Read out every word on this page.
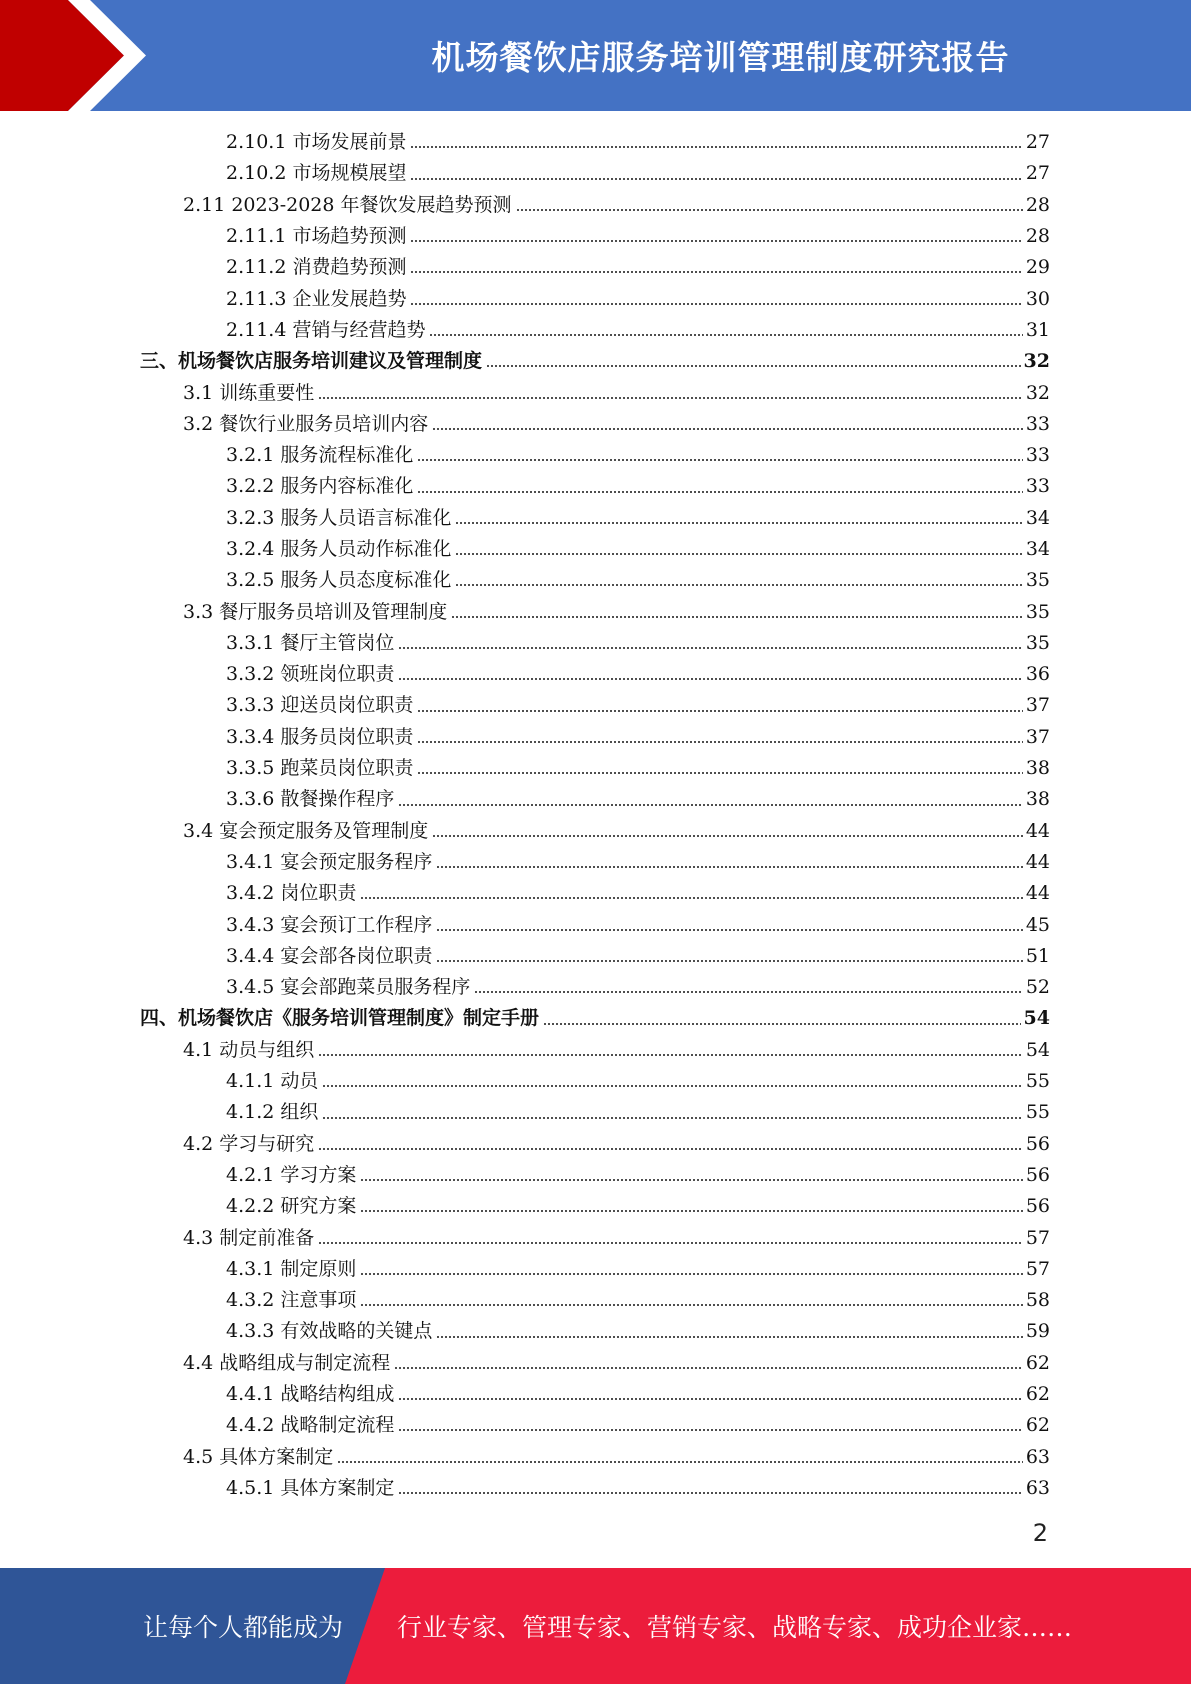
机场餐饮店服务培训管理制度研究报告
2.10.1 市场发展前景	27
2.10.2 市场规模展望	27
2.11 2023-2028 年餐饮发展趋势预测	28
2.11.1 市场趋势预测	28
2.11.2 消费趋势预测	29
2.11.3 企业发展趋势	30
2.11.4 营销与经营趋势	31
三、机场餐饮店服务培训建议及管理制度	32
3.1 训练重要性	32
3.2 餐饮行业服务员培训内容	33
3.2.1 服务流程标准化	33
3.2.2 服务内容标准化	33
3.2.3 服务人员语言标准化	34
3.2.4 服务人员动作标准化	34
3.2.5 服务人员态度标准化	35
3.3 餐厅服务员培训及管理制度	35
3.3.1 餐厅主管岗位	35
3.3.2 领班岗位职责	36
3.3.3 迎送员岗位职责	37
3.3.4 服务员岗位职责	37
3.3.5 跑菜员岗位职责	38
3.3.6 散餐操作程序	38
3.4 宴会预定服务及管理制度	44
3.4.1 宴会预定服务程序	44
3.4.2 岗位职责	44
3.4.3 宴会预订工作程序	45
3.4.4 宴会部各岗位职责	51
3.4.5 宴会部跑菜员服务程序	52
四、机场餐饮店《服务培训管理制度》制定手册	54
4.1 动员与组织	54
4.1.1 动员	55
4.1.2 组织	55
4.2 学习与研究	56
4.2.1 学习方案	56
4.2.2 研究方案	56
4.3 制定前准备	57
4.3.1 制定原则	57
4.3.2 注意事项	58
4.3.3 有效战略的关键点	59
4.4 战略组成与制定流程	62
4.4.1 战略结构组成	62
4.4.2 战略制定流程	62
4.5 具体方案制定	63
4.5.1 具体方案制定	63
2
让每个人都能成为 行业专家、管理专家、营销专家、战略专家、成功企业家……
